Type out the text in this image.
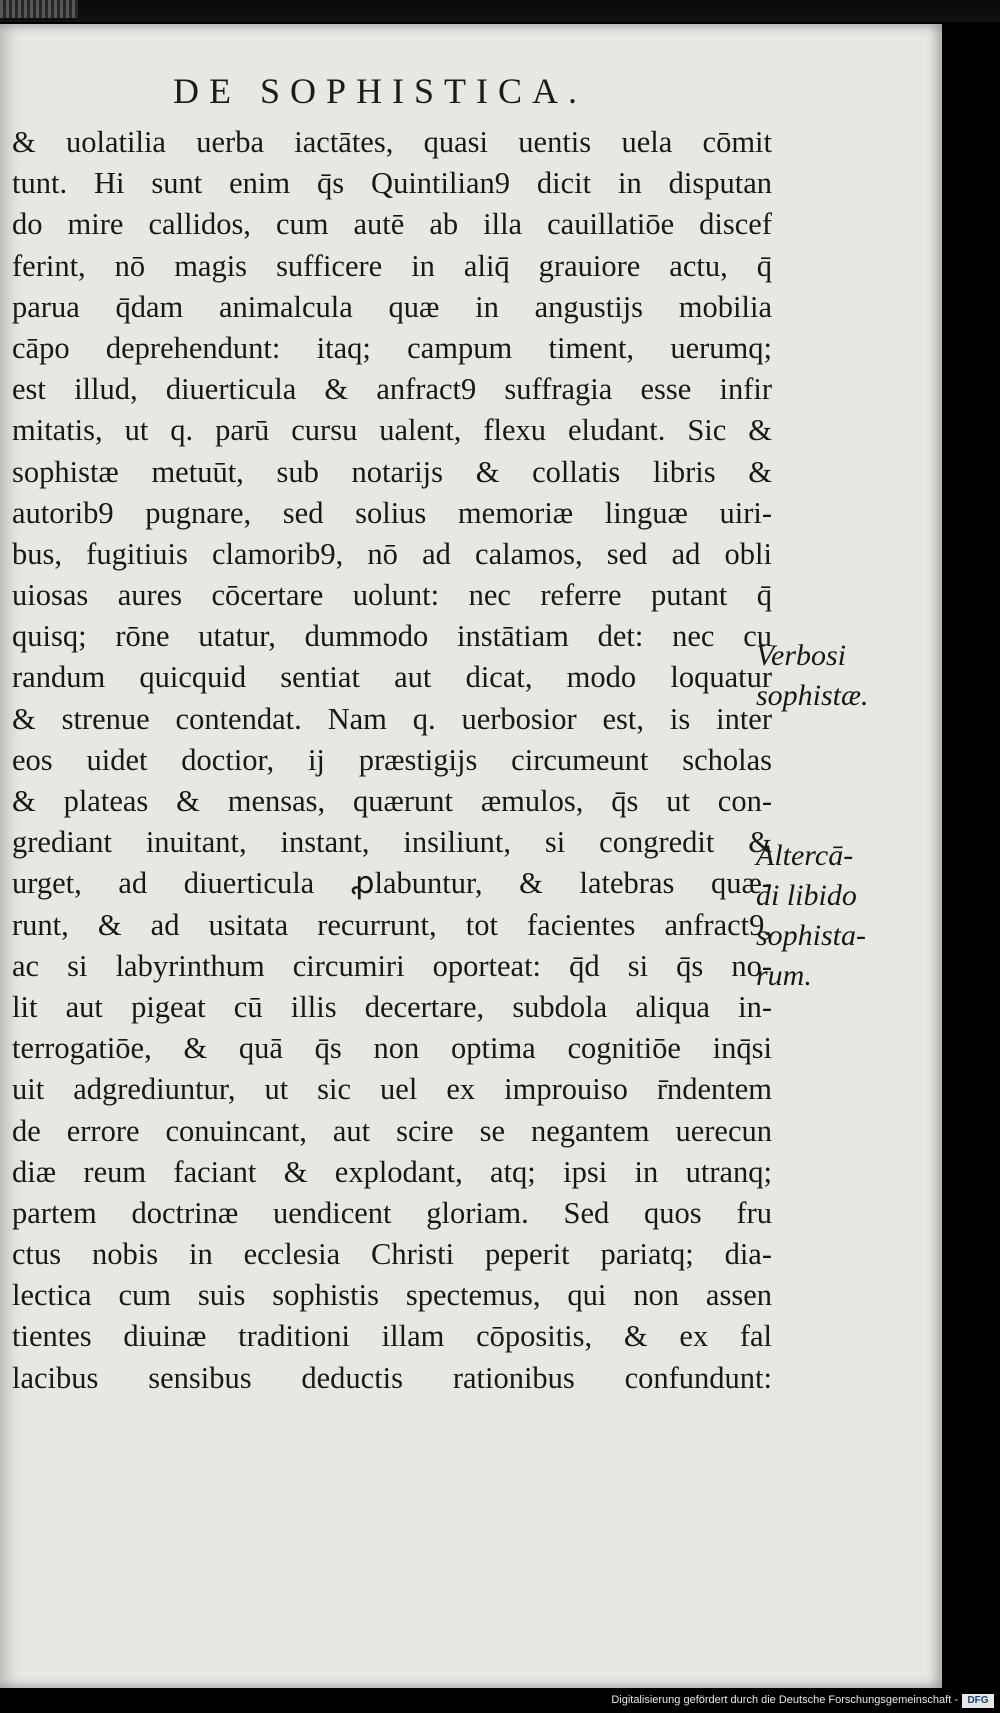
DE SOPHISTICA.
& uolatilia uerba iactātes, quasi uentis uela cōmit
tunt. Hi sunt enim q̄s Quintilian9 dicit in disputan
do mire callidos, cum autē ab illa cauillatiōe discef
ferint, nō magis sufficere in aliq̄ grauiore actu, q̄
parua q̄dam animalcula quæ in angustijs mobilia
cāpo deprehendunt: itaq; campum timent, uerumq;
est illud, diuerticula & anfract9 suffragia esse infir
mitatis, ut q. parū cursu ualent, flexu eludant. Sic &
sophistæ metuūt, sub notarijs & collatis libris &
autorib9 pugnare, sed solius memoriæ linguæ uiri-
bus, fugitiuis clamorib9, nō ad calamos, sed ad obli
uiosas aures cōcertare uolunt: nec referre putant q̄
quisq; rōne utatur, dummodo instātiam det: nec cu
randum quicquid sentiat aut dicat, modo loquatur
& strenue contendat. Nam q. uerbosior est, is inter
eos uidet doctior, ij præstigijs circumeunt scholas
& plateas & mensas, quærunt æmulos, q̄s ut con-
grediant inuitant, instant, insiliunt, si congredit &
urget, ad diuerticula ꝓlabuntur, & latebras quæ-
runt, & ad usitata recurrunt, tot facientes anfract9,
ac si labyrinthum circumiri oporteat: q̄d si q̄s no-
lit aut pigeat cū illis decertare, subdola aliqua in-
terrogatiōe, & quā q̄s non optima cognitiōe inq̄si
uit adgrediuntur, ut sic uel ex improuiso r̄ndentem
de errore conuincant, aut scire se negantem uerecun
diæ reum faciant & explodant, atq; ipsi in utranq;
partem doctrinæ uendicent gloriam. Sed quos fru
ctus nobis in ecclesia Christi peperit pariatq; dia-
lectica cum suis sophistis spectemus, qui non assen
tientes diuinæ traditioni illam cōpositis, & ex fal
lacibus sensibus deductis rationibus confundunt:
Verbosi
sophistæ.
Altercā-
di libido
sophista-
rum.
Digitalisierung gefördert durch die Deutsche Forschungsgemeinschaft - DFG
